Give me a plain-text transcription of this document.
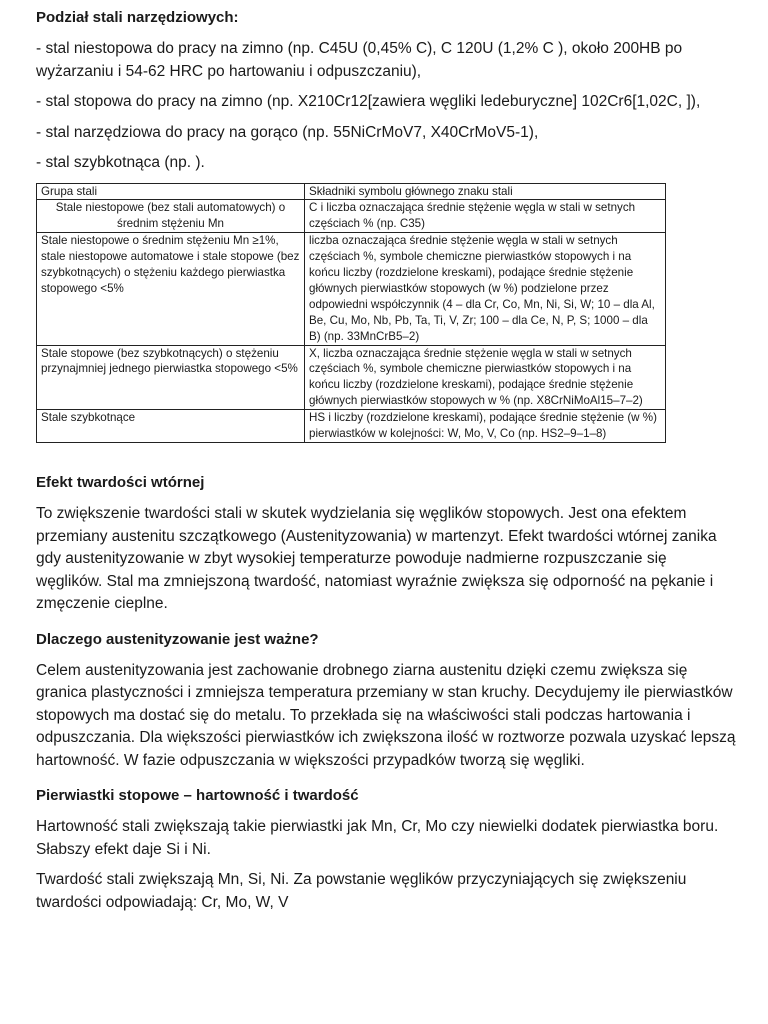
Podział stali narzędziowych:

- stal niestopowa do pracy na zimno (np. C45U (0,45% C), C 120U (1,2% C ), około 200HB po wyżarzaniu i 54-62 HRC po hartowaniu i odpuszczaniu),

- stal stopowa do pracy na zimno (np. X210Cr12[zawiera węgliki ledeburyczne] 102Cr6[1,02C, ]),

- stal narzędziowa do pracy na gorąco (np. 55NiCrMoV7, X40CrMoV5-1),

- stal szybkotnąca (np. ).

Grupa stali	Składniki symbolu głównego znaku stali
Stale niestopowe (bez stali automatowych) o średnim stężeniu Mn	C i liczba oznaczająca średnie stężenie węgla w stali w setnych częściach % (np. C35)
Stale niestopowe o średnim stężeniu Mn ≥1%, stale niestopowe automatowe i stale stopowe (bez szybkotnących) o stężeniu każdego pierwiastka stopowego <5%	liczba oznaczająca średnie stężenie węgla w stali w setnych częściach %, symbole chemiczne pierwiastków stopowych i na końcu liczby (rozdzielone kreskami), podające średnie stężenie głównych pierwiastków stopowych (w %) podzielone przez odpowiedni współczynnik (4 – dla Cr, Co, Mn, Ni, Si, W; 10 – dla Al, Be, Cu, Mo, Nb, Pb, Ta, Ti, V, Zr; 100 – dla Ce, N, P, S; 1000 – dla B) (np. 33MnCrB5–2)
Stale stopowe (bez szybkotnących) o stężeniu przynajmniej jednego pierwiastka stopowego <5%	X, liczba oznaczająca średnie stężenie węgla w stali w setnych częściach %, symbole chemiczne pierwiastków stopowych i na końcu liczby (rozdzielone kreskami), podające średnie stężenie głównych pierwiastków stopowych w % (np. X8CrNiMoAl15–7–2)
Stale szybkotnące	HS i liczby (rozdzielone kreskami), podające średnie stężenie (w %) pierwiastków w kolejności: W, Mo, V, Co (np. HS2–9–1–8)

Efekt twardości wtórnej

To zwiększenie twardości stali w skutek wydzielania się węglików stopowych. Jest ona efektem przemiany austenitu szczątkowego (Austenityzowania) w martenzyt. Efekt twardości wtórnej zanika gdy austenityzowanie w zbyt wysokiej temperaturze powoduje nadmierne rozpuszczanie się węglików. Stal ma zmniejszoną twardość, natomiast wyraźnie zwiększa się odporność na pękanie i zmęczenie cieplne.

Dlaczego austenityzowanie jest ważne?

Celem austenityzowania jest zachowanie drobnego ziarna austenitu dzięki czemu zwiększa się granica plastyczności i zmniejsza temperatura przemiany w stan kruchy. Decydujemy ile pierwiastków stopowych ma dostać się do metalu. To przekłada się na właściwości stali podczas hartowania i odpuszczania. Dla większości pierwiastków ich zwiększona ilość w roztworze pozwala uzyskać lepszą hartowność. W fazie odpuszczania w większości przypadków tworzą się węgliki.

Pierwiastki stopowe – hartowność i twardość

Hartowność stali zwiększają takie pierwiastki jak Mn, Cr, Mo czy niewielki dodatek pierwiastka boru. Słabszy efekt daje Si i Ni.

Twardość stali zwiększają Mn, Si, Ni. Za powstanie węglików przyczyniających się zwiększeniu twardości odpowiadają: Cr, Mo, W, V
